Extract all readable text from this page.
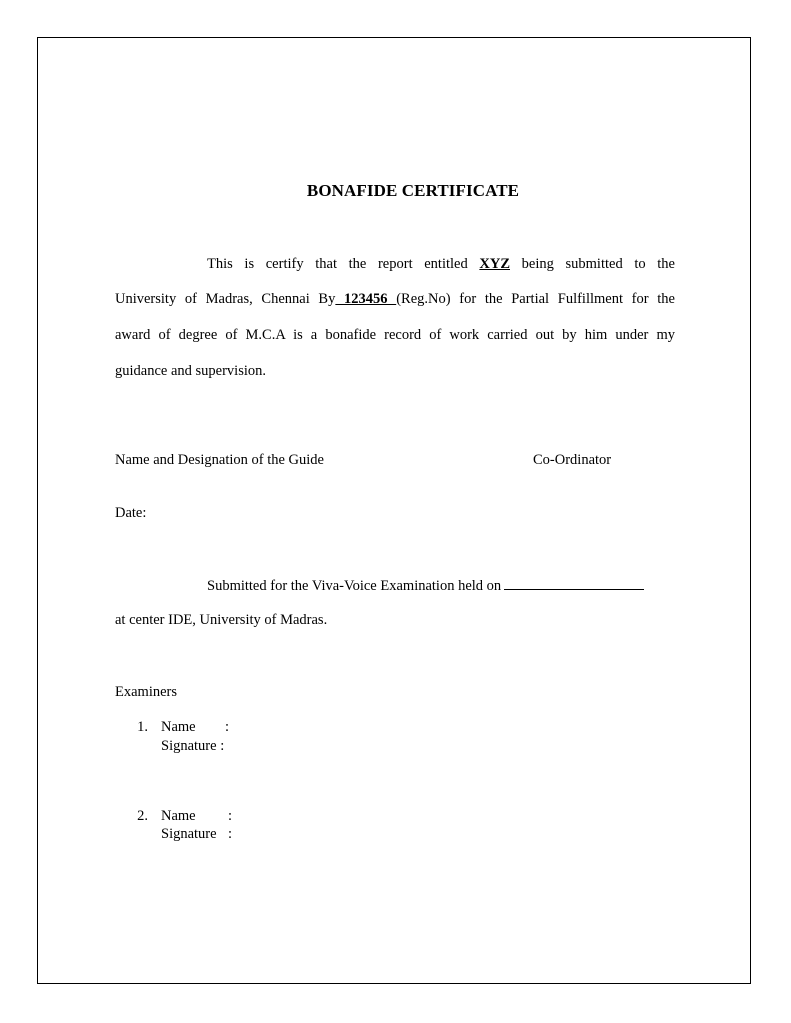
BONAFIDE CERTIFICATE
This is certify that the report entitled XYZ being submitted to the
University of Madras, Chennai By 123456 (Reg.No) for the Partial Fulfillment for the
award of degree of M.C.A is a bonafide record of work carried out by him under my
guidance and supervision.
Name and Designation of the Guide	Co-Ordinator
Date:
Submitted for the Viva-Voice Examination held on
at center IDE, University of Madras.
Examiners
1. Name :
Signature :
2. Name :
Signature :
